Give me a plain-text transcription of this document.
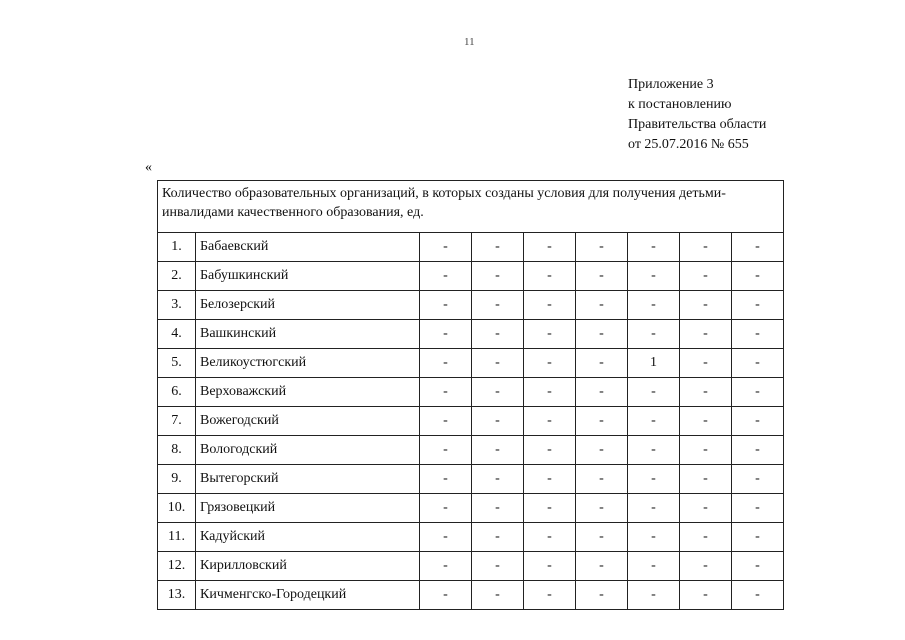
11
Приложение 3
к постановлению
Правительства области
от 25.07.2016 № 655
«
Количество образовательных организаций, в которых созданы условия для получения детьми-инвалидами качественного образования, ед.								
1.	Бабаевский	-	-	-	-	-	-	-
2.	Бабушкинский	-	-	-	-	-	-	-
3.	Белозерский	-	-	-	-	-	-	-
4.	Вашкинский	-	-	-	-	-	-	-
5.	Великоустюгский	-	-	-	-	1	-	-
6.	Верховажский	-	-	-	-	-	-	-
7.	Вожегодский	-	-	-	-	-	-	-
8.	Вологодский	-	-	-	-	-	-	-
9.	Вытегорский	-	-	-	-	-	-	-
10.	Грязовецкий	-	-	-	-	-	-	-
11.	Кадуйский	-	-	-	-	-	-	-
12.	Кирилловский	-	-	-	-	-	-	-
13.	Кичменгско-Городецкий	-	-	-	-	-	-	-
